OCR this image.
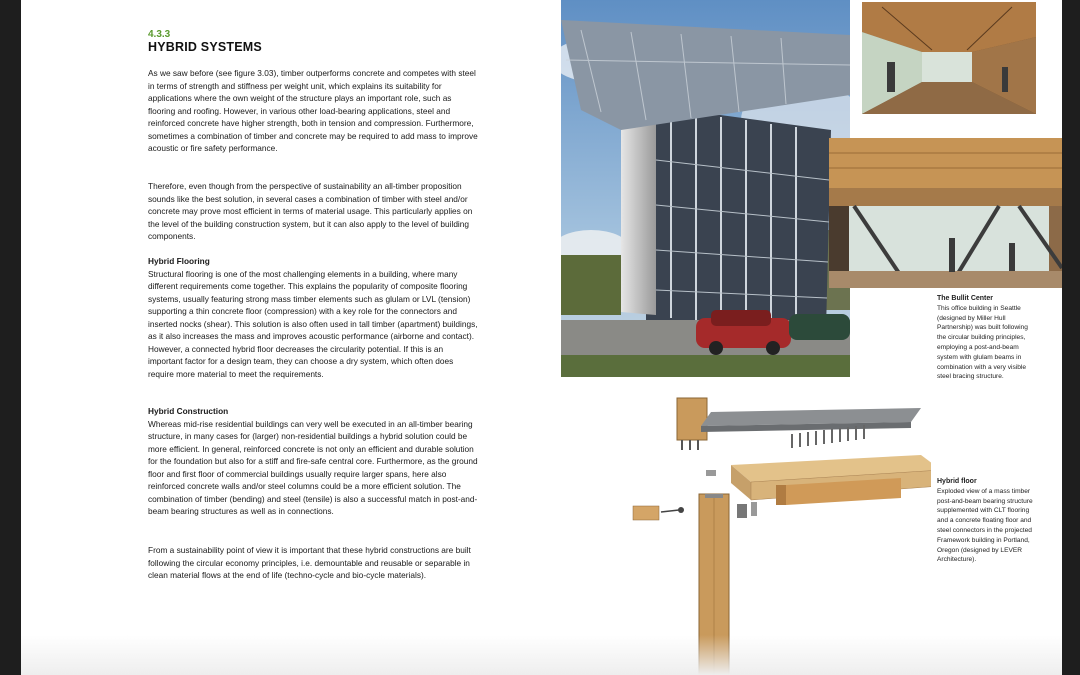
4.3.3
HYBRID SYSTEMS

As we saw before (see figure 3.03), timber outperforms concrete and competes with steel in terms of strength and stiffness per weight unit, which explains its suitability for applications where the own weight of the structure plays an important role, such as flooring and roofing. However, in various other load-bearing applications, steel and reinforced concrete have higher strength, both in tension and compression. Furthermore, sometimes a combination of timber and concrete may be required to add mass to improve acoustic or fire safety performance.

Therefore, even though from the perspective of sustainability an all-timber proposition sounds like the best solution, in several cases a combination of timber with steel and/or concrete may prove most efficient in terms of material usage. This particularly applies on the level of the building construction system, but it can also apply to the level of building components.

Hybrid Flooring
Structural flooring is one of the most challenging elements in a building, where many different requirements come together. This explains the popularity of composite flooring systems, usually featuring strong mass timber elements such as glulam or LVL (tension) supporting a thin concrete floor (compression) with a key role for the connectors and inserted nocks (shear). This solution is also often used in tall timber (apartment) buildings, as it also increases the mass and improves acoustic performance (airborne and contact). However, a connected hybrid floor decreases the circularity potential. If this is an important factor for a design team, they can choose a dry system, which often does require more material to meet the requirements.
Hybrid Construction
Whereas mid-rise residential buildings can very well be executed in an all-timber bearing structure, in many cases for (larger) non-residential buildings a hybrid solution could be more efficient. In general, reinforced concrete is not only an efficient and durable solution for the foundation but also for a stiff and fire-safe central core. Furthermore, as the ground floor and first floor of commercial buildings usually require larger spans, here also reinforced concrete walls and/or steel columns could be a more efficient solution. The combination of timber (bending) and steel (tensile) is also a successful match in post-and-beam bearing structures as well as in connections.

From a sustainability point of view it is important that these hybrid constructions are built following the circular economy principles, i.e. demountable and reusable or separable in clean material flows at the end of life (techno-cycle and bio-cycle materials).

The Bullit Center
This office building in Seattle (designed by Miller Hull Partnership) was built following the circular building principles, employing a post-and-beam system with glulam beams in combination with a very visible steel bracing structure.

Hybrid floor
Exploded view of a mass timber post-and-beam bearing structure supplemented with CLT flooring and a concrete floating floor and steel connectors in the projected Framework building in Portland, Oregon (designed by LEVER Architecture).
